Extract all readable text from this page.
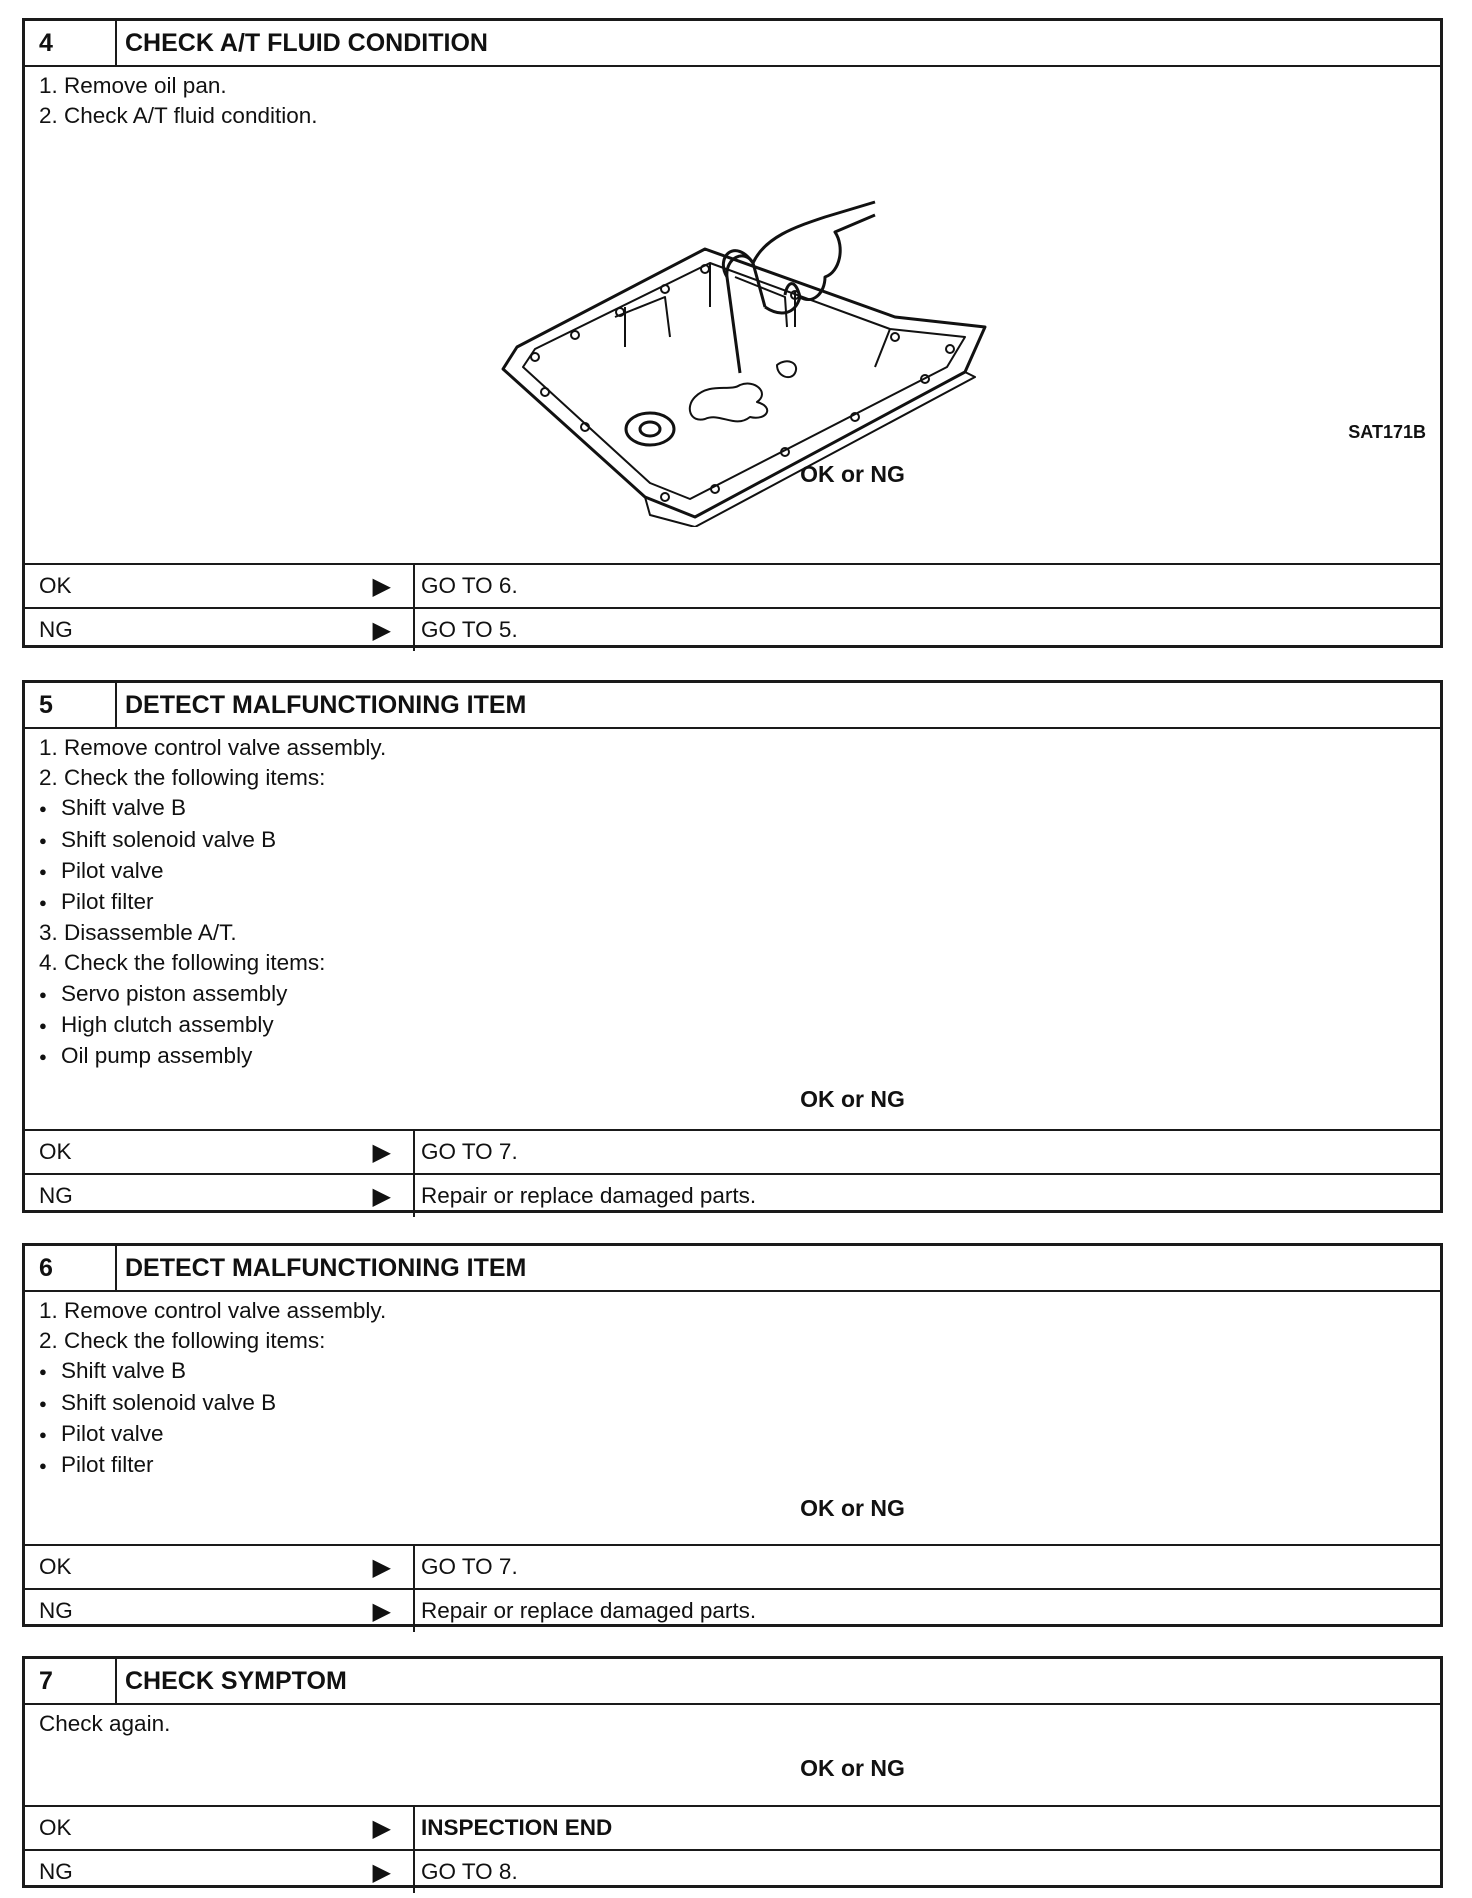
4	CHECK A/T FLUID CONDITION
1. Remove oil pan.
2. Check A/T fluid condition.
SAT171B
OK or NG
OK	▶	GO TO 6.
NG	▶	GO TO 5.
5	DETECT MALFUNCTIONING ITEM
1. Remove control valve assembly.
2. Check the following items:
● Shift valve B
● Shift solenoid valve B
● Pilot valve
● Pilot filter
3. Disassemble A/T.
4. Check the following items:
● Servo piston assembly
● High clutch assembly
● Oil pump assembly
OK or NG
OK	▶	GO TO 7.
NG	▶	Repair or replace damaged parts.
6	DETECT MALFUNCTIONING ITEM
1. Remove control valve assembly.
2. Check the following items:
● Shift valve B
● Shift solenoid valve B
● Pilot valve
● Pilot filter
OK or NG
OK	▶	GO TO 7.
NG	▶	Repair or replace damaged parts.
7	CHECK SYMPTOM
Check again.
OK or NG
OK	▶	INSPECTION END
NG	▶	GO TO 8.
